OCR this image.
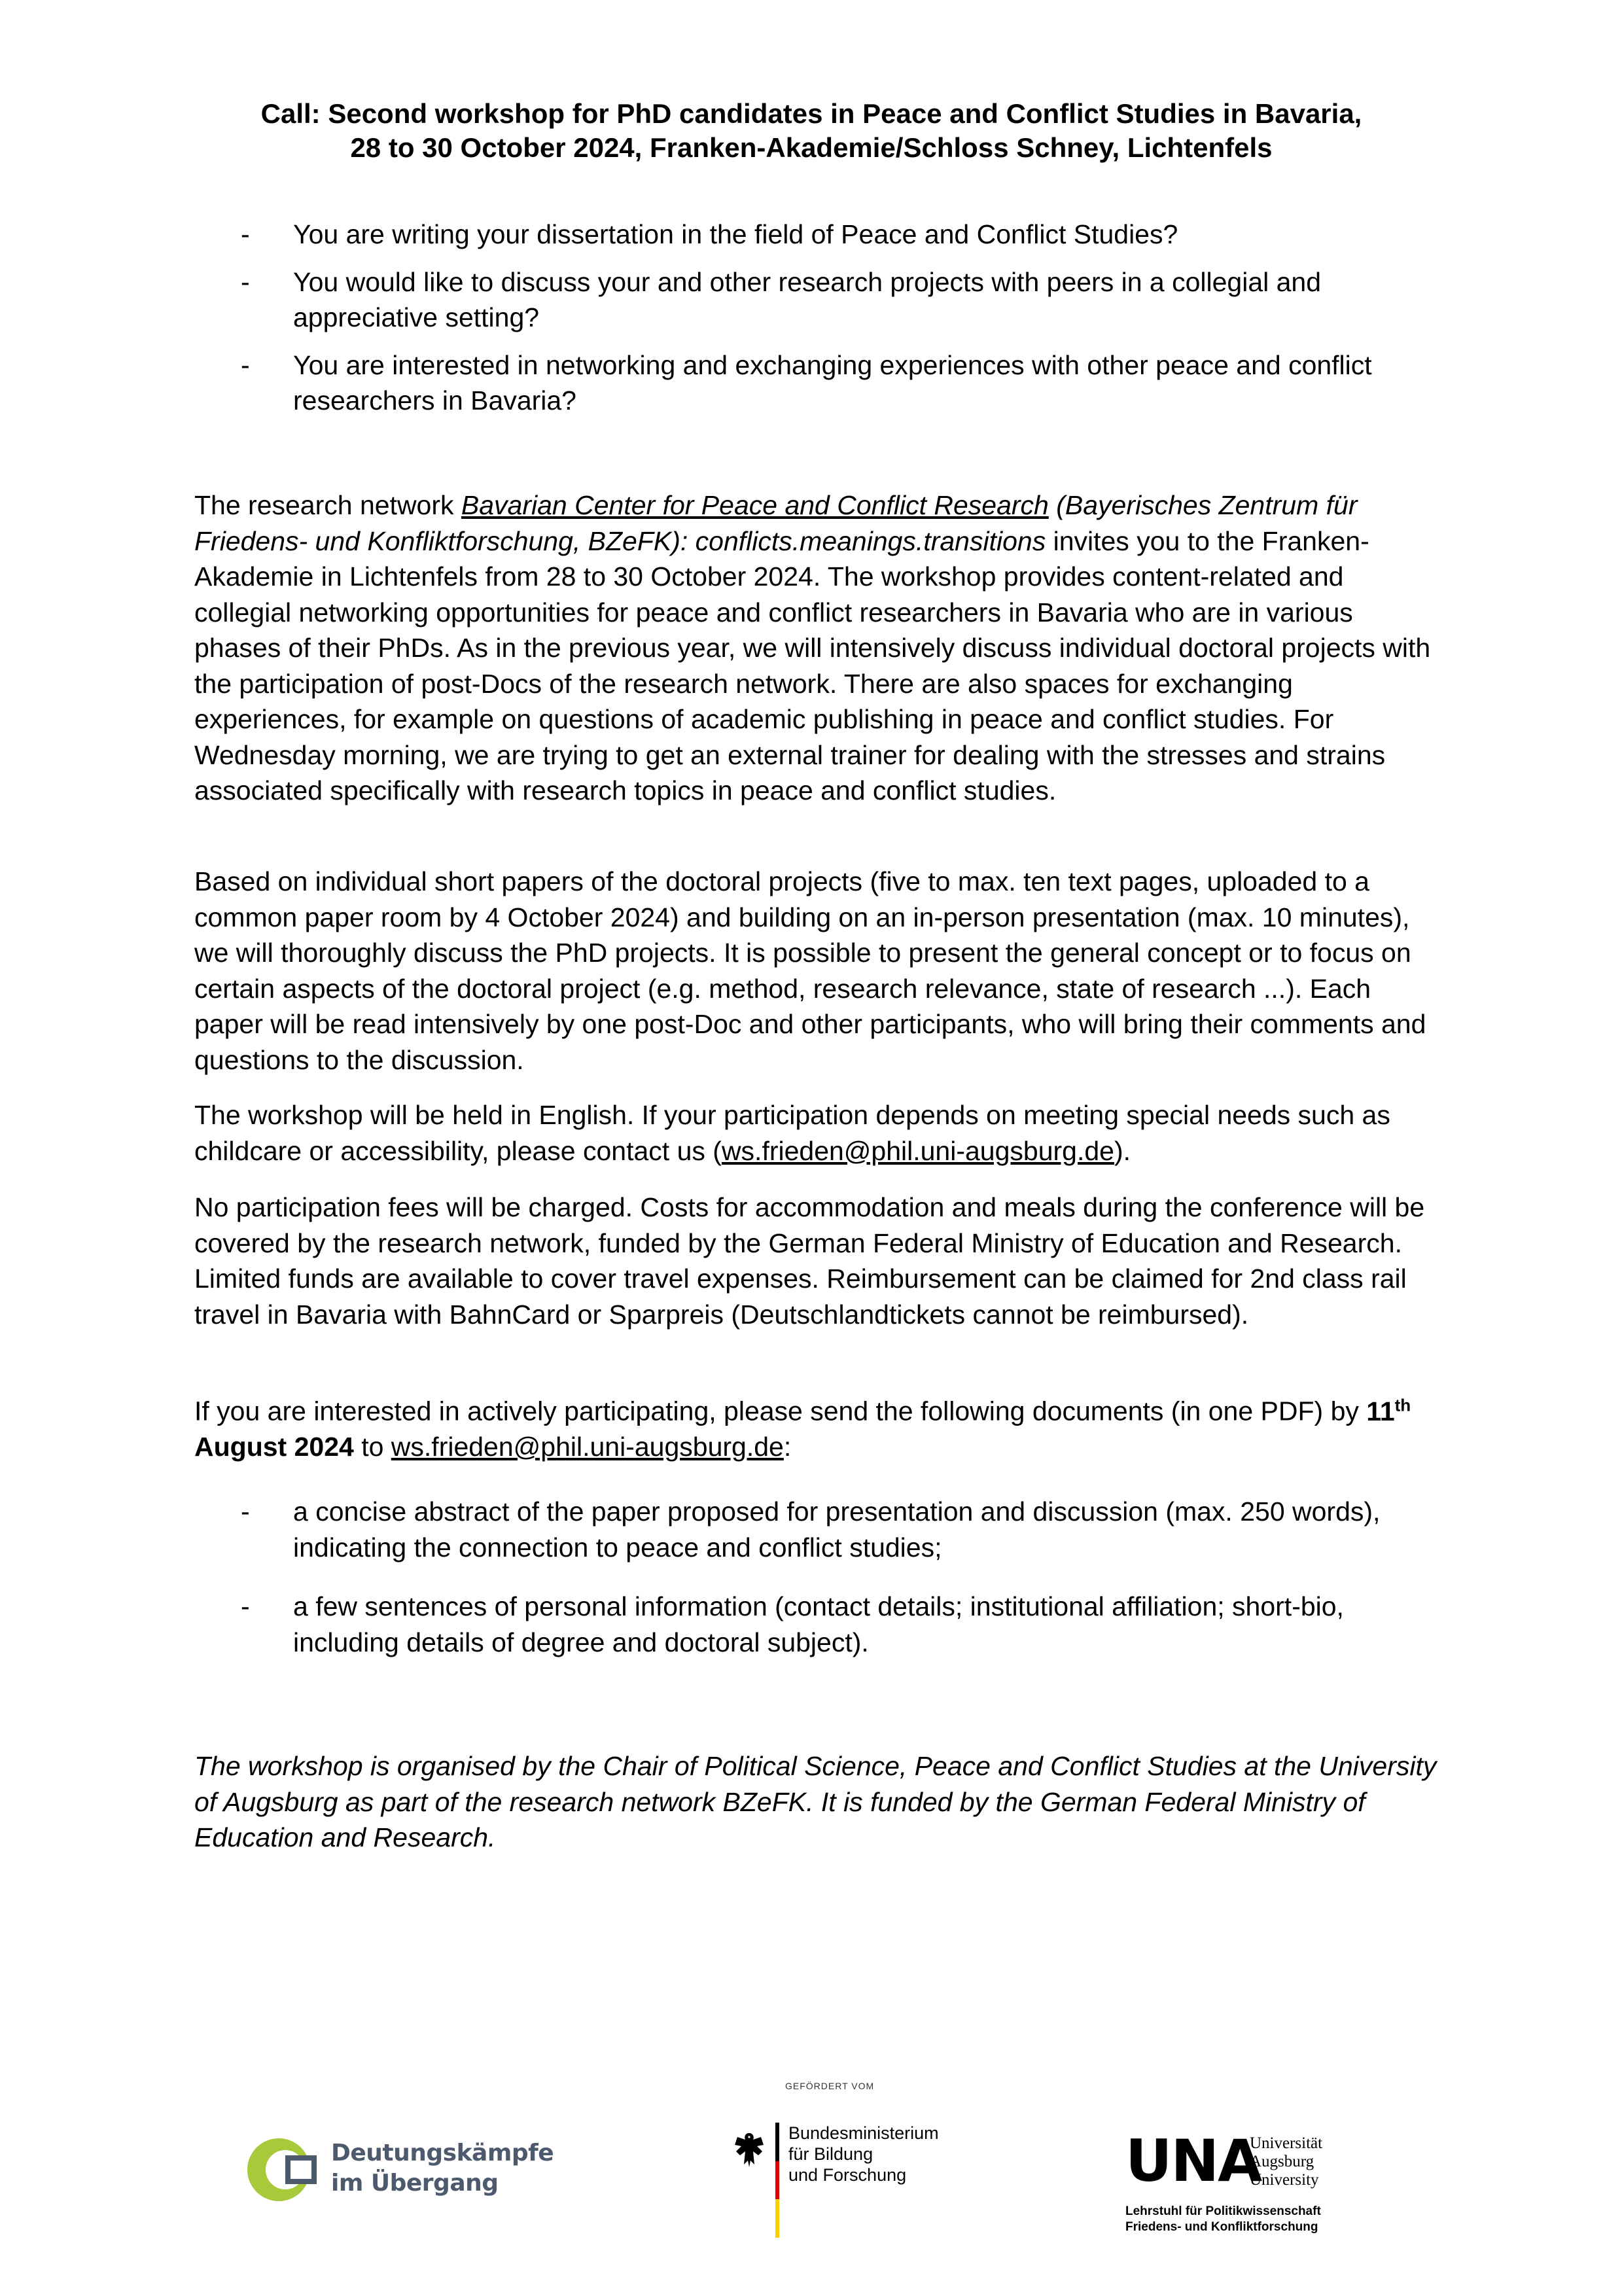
Call: Second workshop for PhD candidates in Peace and Conflict Studies in Bavaria,
28 to 30 October 2024, Franken-Akademie/Schloss Schney, Lichtenfels
- You are writing your dissertation in the field of Peace and Conflict Studies?
- You would like to discuss your and other research projects with peers in a collegial and appreciative setting?
- You are interested in networking and exchanging experiences with other peace and conflict researchers in Bavaria?

The research network Bavarian Center for Peace and Conflict Research (Bayerisches Zentrum für Friedens- und Konfliktforschung, BZeFK): conflicts.meanings.transitions invites you to the Franken-Akademie in Lichtenfels from 28 to 30 October 2024. The workshop provides content-related and collegial networking opportunities for peace and conflict researchers in Bavaria who are in various phases of their PhDs. As in the previous year, we will intensively discuss individual doctoral projects with the participation of post-Docs of the research network. There are also spaces for exchanging experiences, for example on questions of academic publishing in peace and conflict studies. For Wednesday morning, we are trying to get an external trainer for dealing with the stresses and strains associated specifically with research topics in peace and conflict studies.

Based on individual short papers of the doctoral projects (five to max. ten text pages, uploaded to a common paper room by 4 October 2024) and building on an in-person presentation (max. 10 minutes), we will thoroughly discuss the PhD projects. It is possible to present the general concept or to focus on certain aspects of the doctoral project (e.g. method, research relevance, state of research ...). Each paper will be read intensively by one post-Doc and other participants, who will bring their comments and questions to the discussion.

The workshop will be held in English. If your participation depends on meeting special needs such as childcare or accessibility, please contact us (ws.frieden@phil.uni-augsburg.de).

No participation fees will be charged. Costs for accommodation and meals during the conference will be covered by the research network, funded by the German Federal Ministry of Education and Research. Limited funds are available to cover travel expenses. Reimbursement can be claimed for 2nd class rail travel in Bavaria with BahnCard or Sparpreis (Deutschlandtickets cannot be reimbursed).

If you are interested in actively participating, please send the following documents (in one PDF) by 11th August 2024 to ws.frieden@phil.uni-augsburg.de:

- a concise abstract of the paper proposed for presentation and discussion (max. 250 words), indicating the connection to peace and conflict studies;
- a few sentences of personal information (contact details; institutional affiliation; short-bio, including details of degree and doctoral subject).

The workshop is organised by the Chair of Political Science, Peace and Conflict Studies at the University of Augsburg as part of the research network BZeFK. It is funded by the German Federal Ministry of Education and Research.

Deutungskämpfe
im Übergang
GEFÖRDERT VOM
Bundesministerium
für Bildung
und Forschung	UNA
Universität
Augsburg
University
Lehrstuhl für Politikwissenschaft
Friedens- und Konfliktforschung
